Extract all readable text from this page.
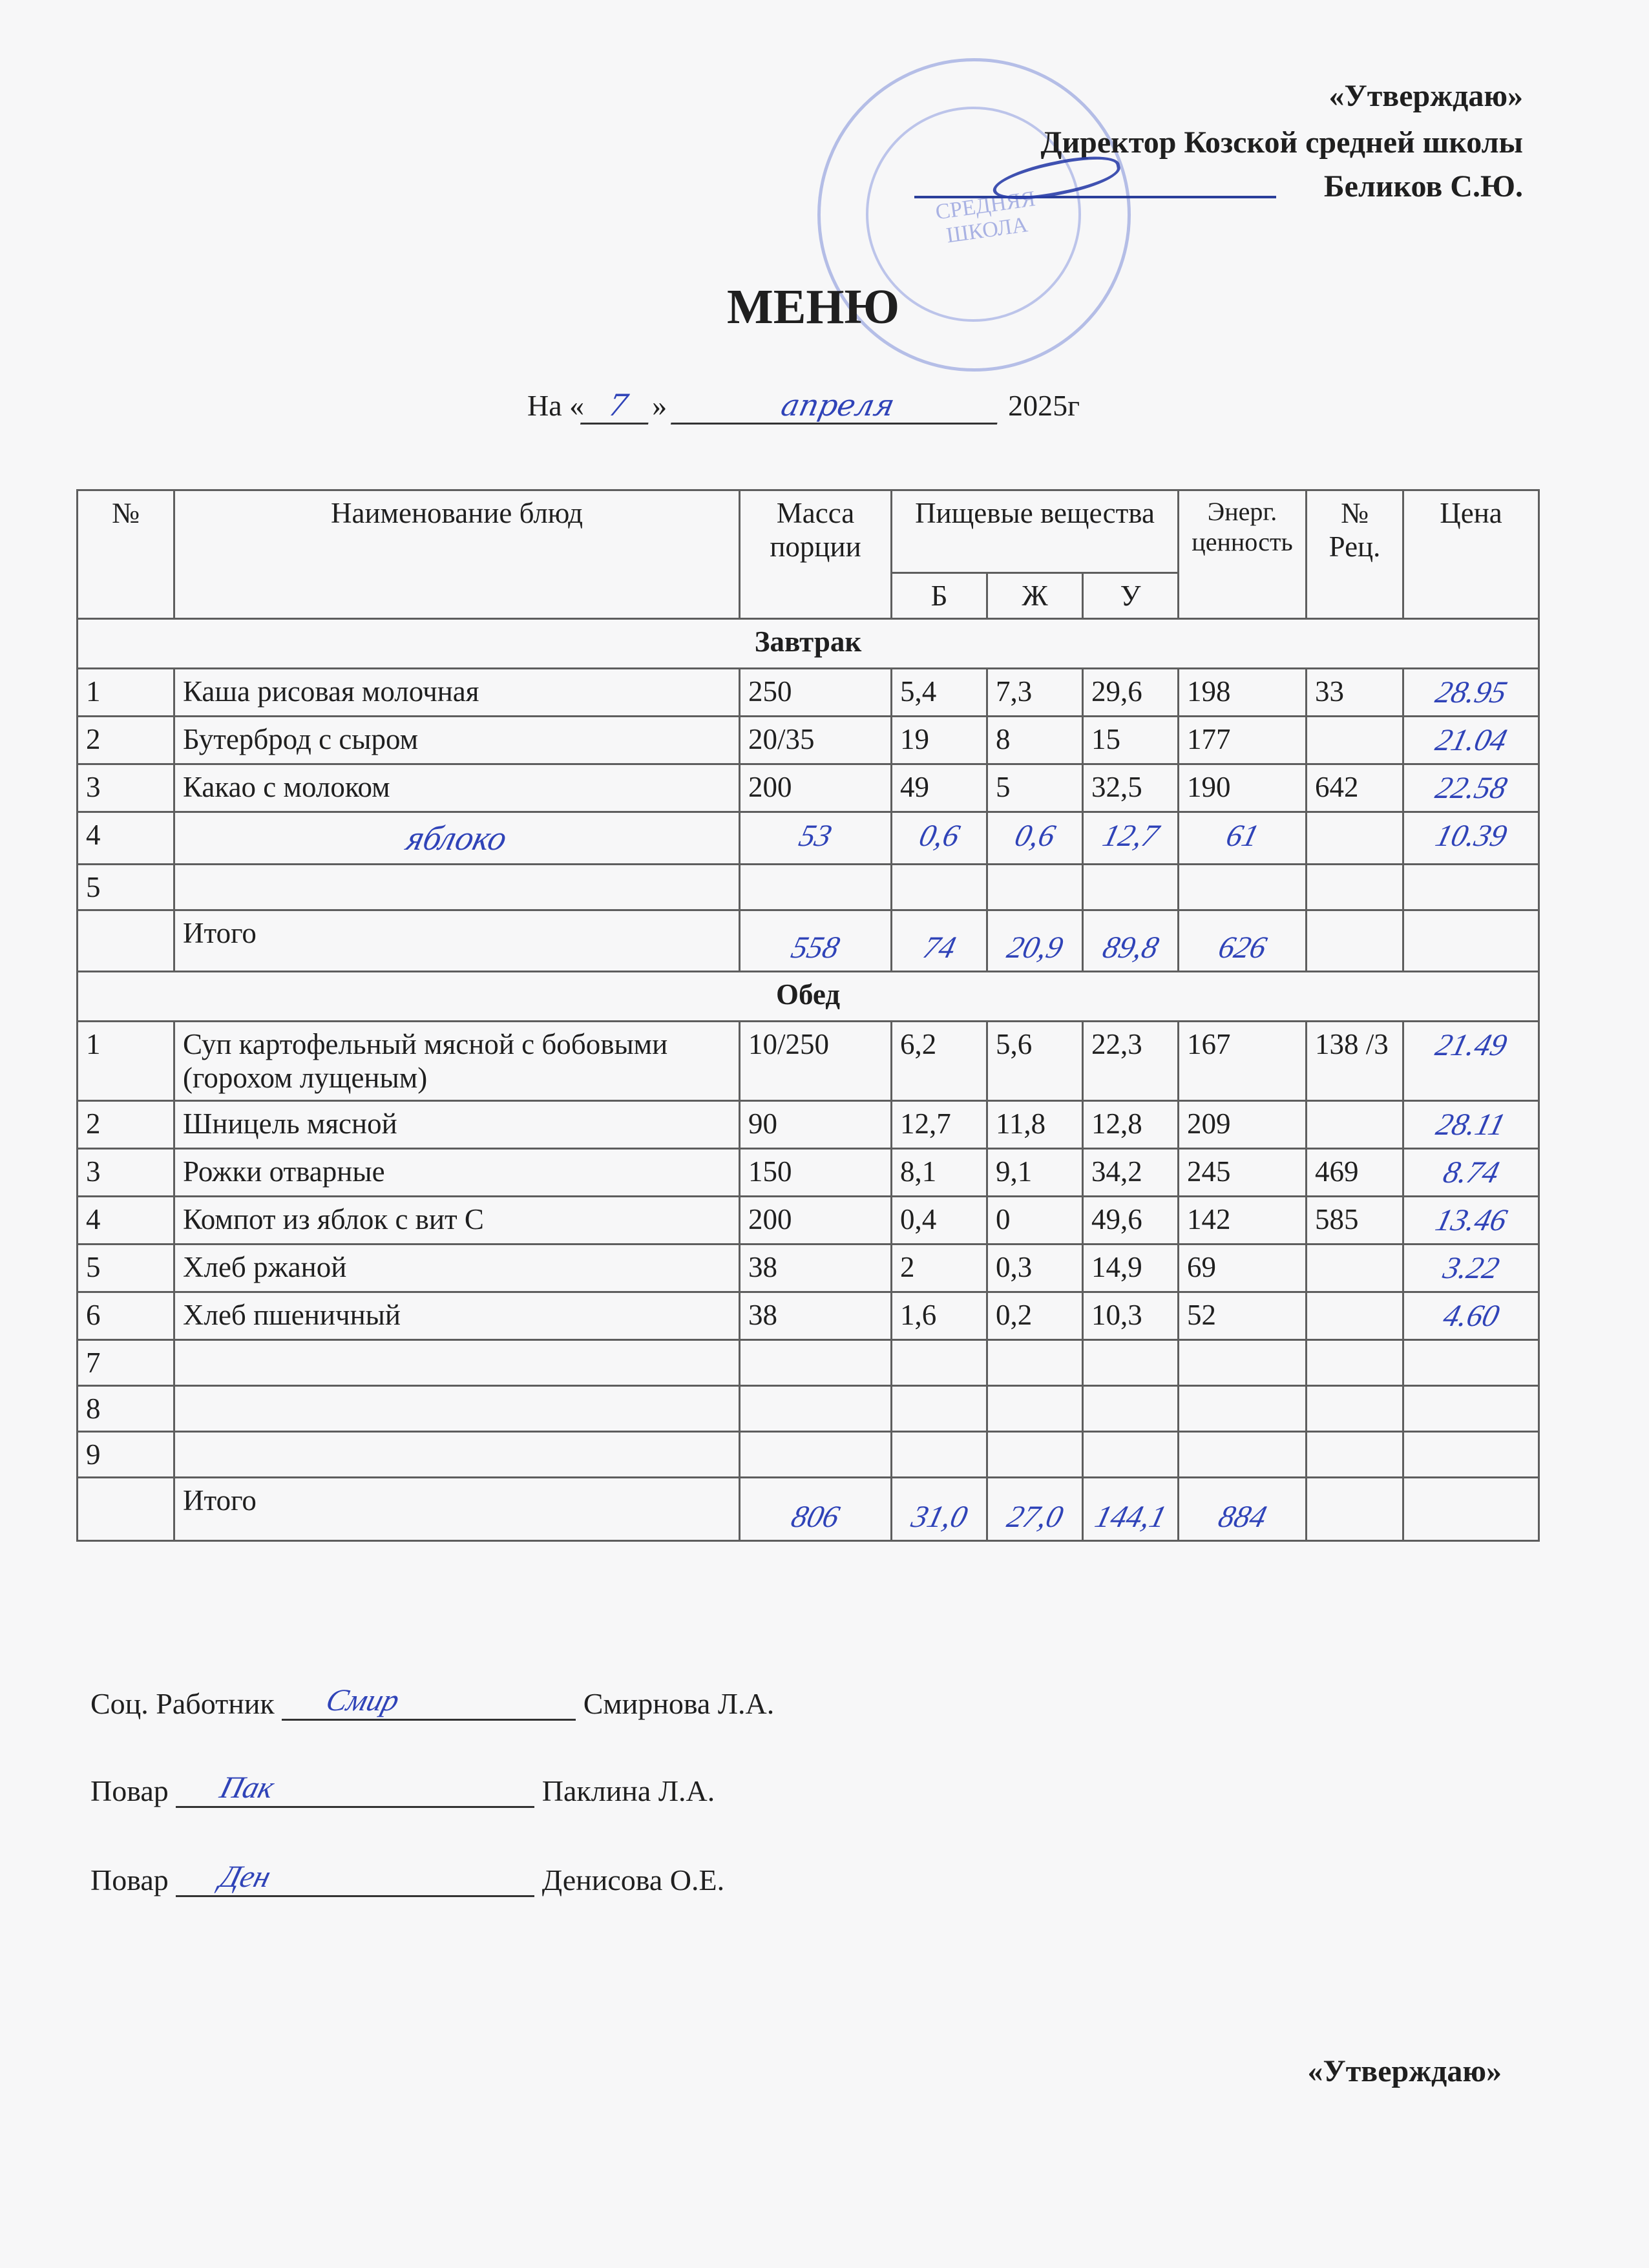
СРЕДНЯЯ ШКОЛА
«Утверждаю»
Директор Козской средней школы
Беликов С.Ю.
МЕНЮ
На « 7 »	апреля	2025г
№	Наименование блюд	Масса порции	Пищевые вещества			Энерг. ценность	№ Рец.	Цена
			Б	Ж	У			
Завтрак								
1	Каша рисовая молочная	250	5,4	7,3	29,6	198	33	28.95
2	Бутерброд с сыром	20/35	19	8	15	177		21.04
3	Какао с молоком	200	49	5	32,5	190	642	22.58
4	яблоко	53	0,6	0,6	12,7	61		10.39
5								
	Итого	558	74	20,9	89,8	626		
Обед								
1	Суп картофельный мясной с бобовыми (горохом лущеным)	10/250	6,2	5,6	22,3	167	138 /3	21.49
2	Шницель мясной	90	12,7	11,8	12,8	209		28.11
3	Рожки отварные	150	8,1	9,1	34,2	245	469	8.74
4	Компот из яблок с вит С	200	0,4	0	49,6	142	585	13.46
5	Хлеб ржаной	38	2	0,3	14,9	69		3.22
6	Хлеб пшеничный	38	1,6	0,2	10,3	52		4.60
7								
8								
9								
	Итого	806	31,0	27,0	144,1	884		
Соц. Работник Смир	Смирнова Л.А.
Повар Пак	Паклина Л.А.
Повар Ден	Денисова О.Е.
«Утверждаю»
